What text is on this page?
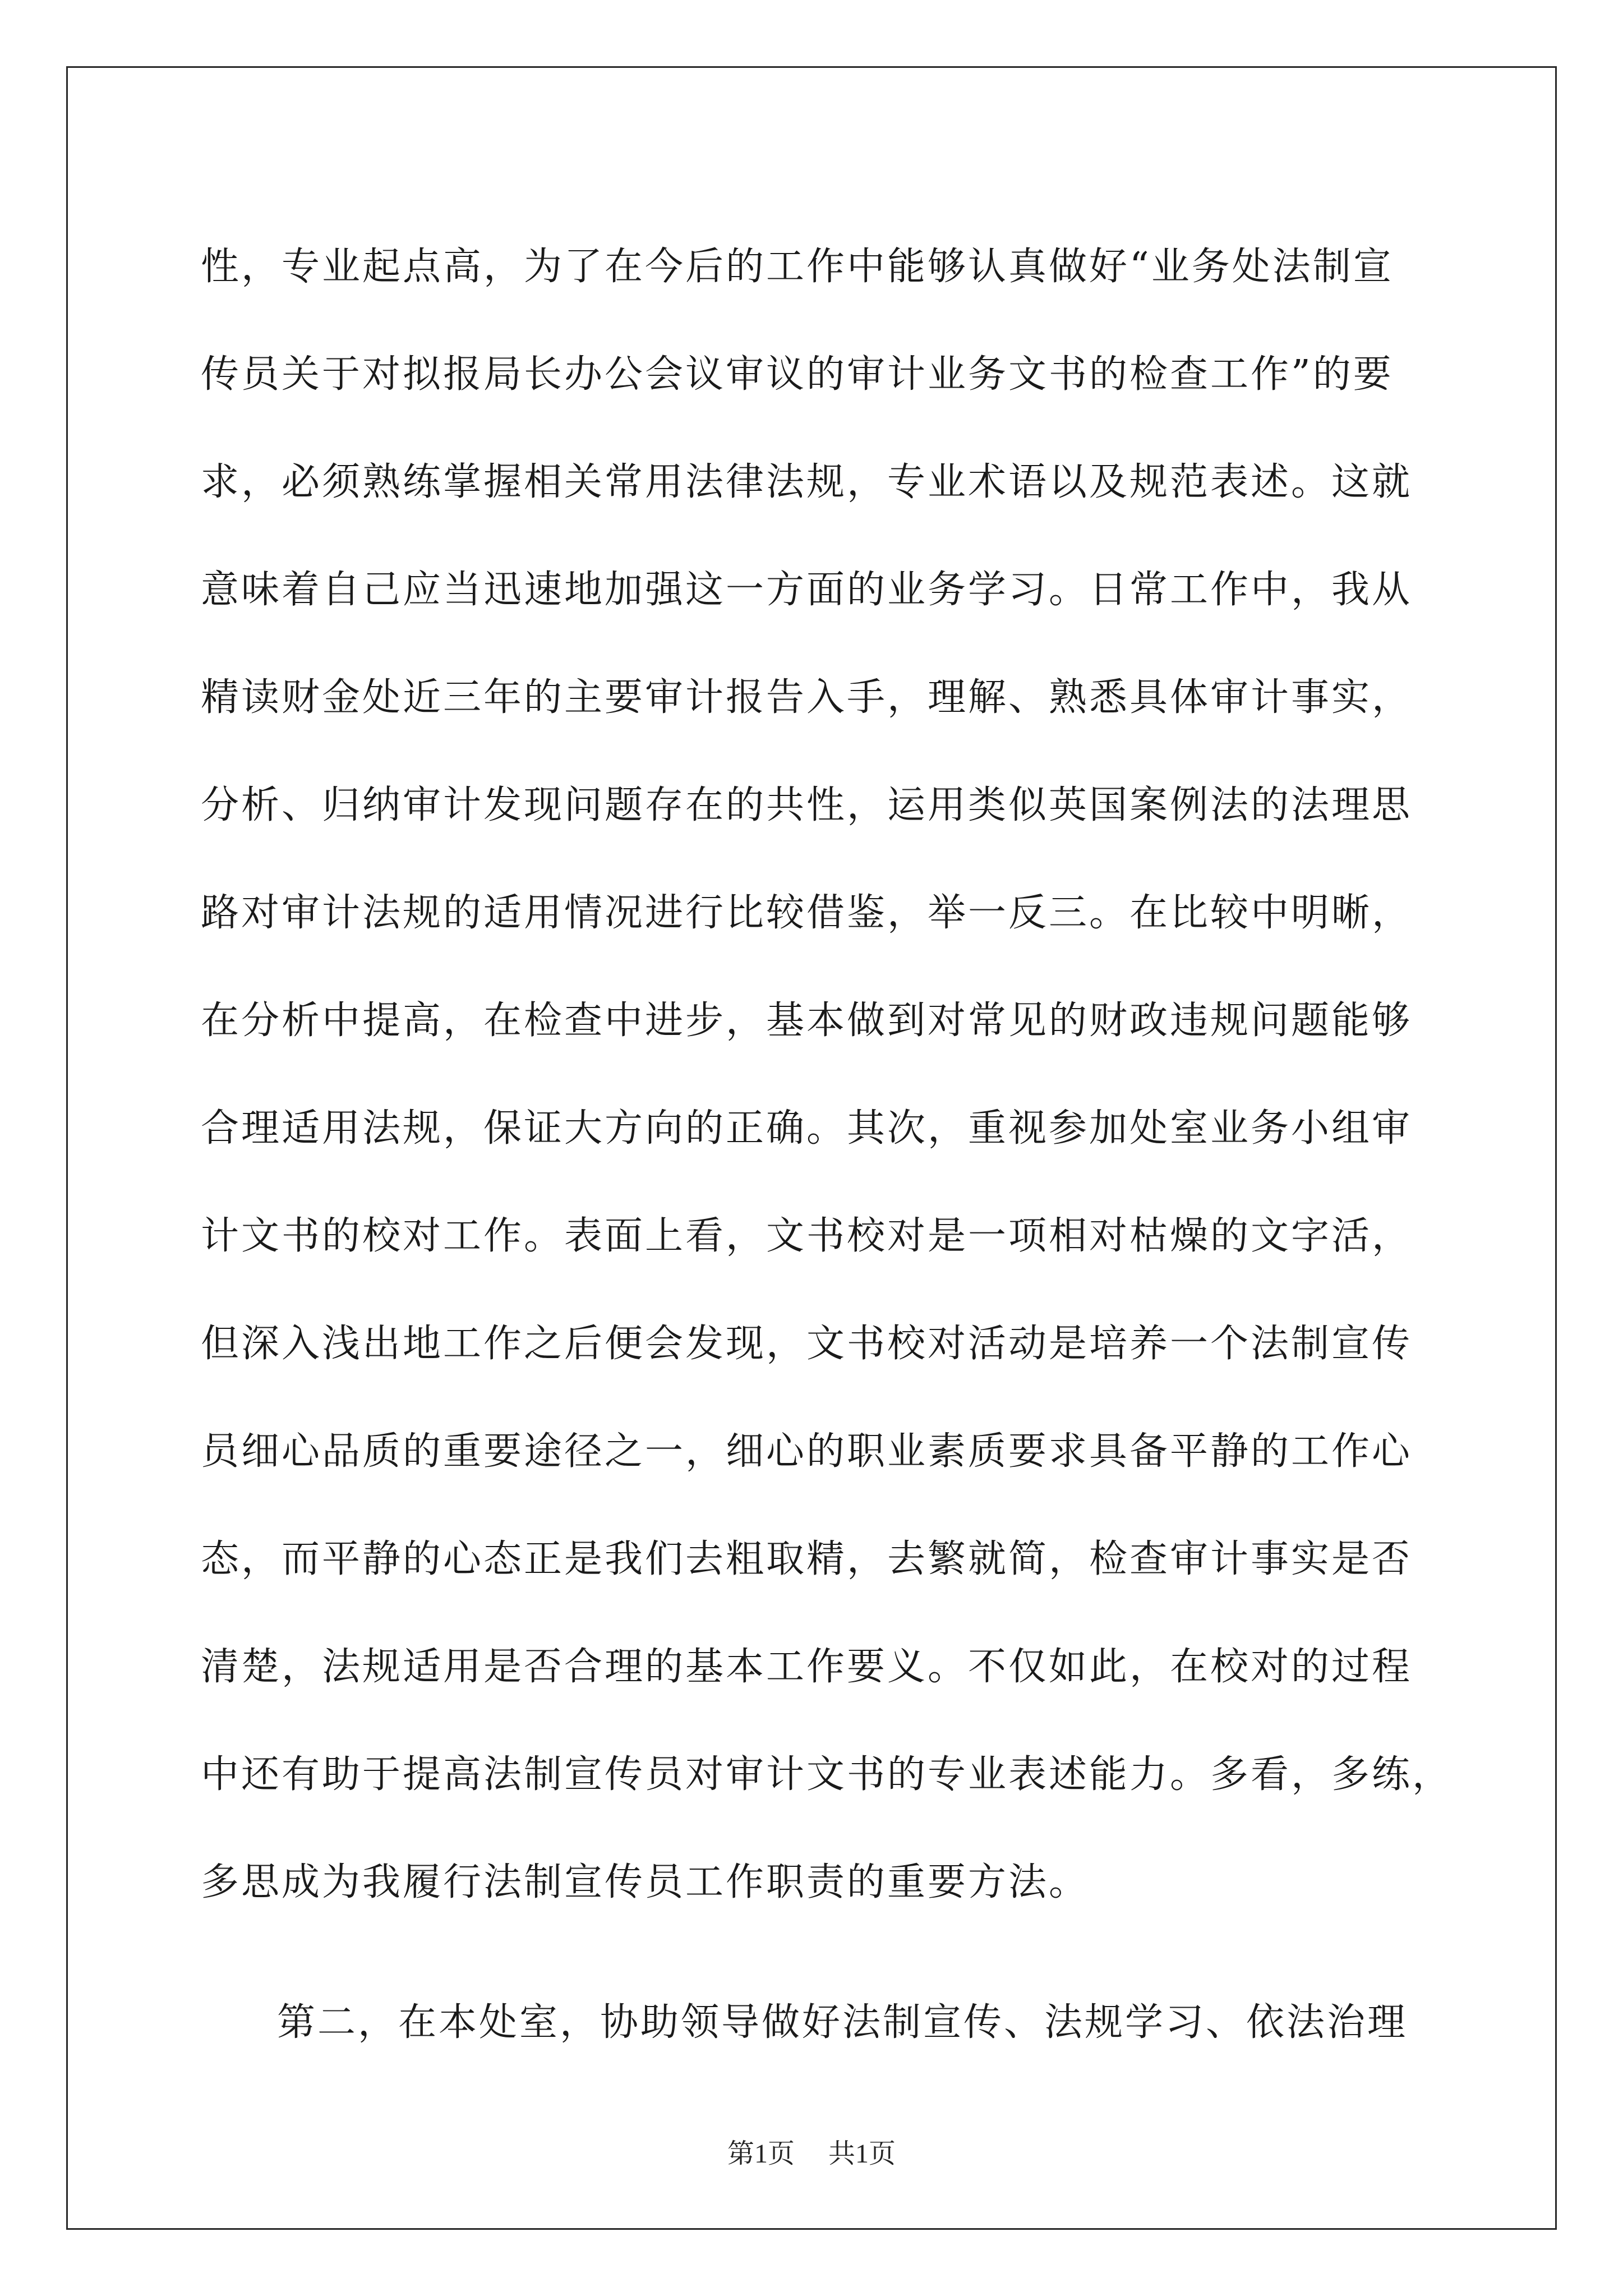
性，专业起点高，为了在今后的工作中能够认真做好“业务处法制宣
传员关于对拟报局长办公会议审议的审计业务文书的检查工作”的要
求，必须熟练掌握相关常用法律法规，专业术语以及规范表述。这就
意味着自己应当迅速地加强这一方面的业务学习。日常工作中，我从
精读财金处近三年的主要审计报告入手，理解、熟悉具体审计事实，
分析、归纳审计发现问题存在的共性，运用类似英国案例法的法理思
路对审计法规的适用情况进行比较借鉴，举一反三。在比较中明晰，
在分析中提高，在检查中进步，基本做到对常见的财政违规问题能够
合理适用法规，保证大方向的正确。其次，重视参加处室业务小组审
计文书的校对工作。表面上看，文书校对是一项相对枯燥的文字活，
但深入浅出地工作之后便会发现，文书校对活动是培养一个法制宣传
员细心品质的重要途径之一，细心的职业素质要求具备平静的工作心
态，而平静的心态正是我们去粗取精，去繁就简，检查审计事实是否
清楚，法规适用是否合理的基本工作要义。不仅如此，在校对的过程
中还有助于提高法制宣传员对审计文书的专业表述能力。多看，多练，
多思成为我履行法制宣传员工作职责的重要方法。
第二，在本处室，协助领导做好法制宣传、法规学习、依法治理
第1页 共1页
